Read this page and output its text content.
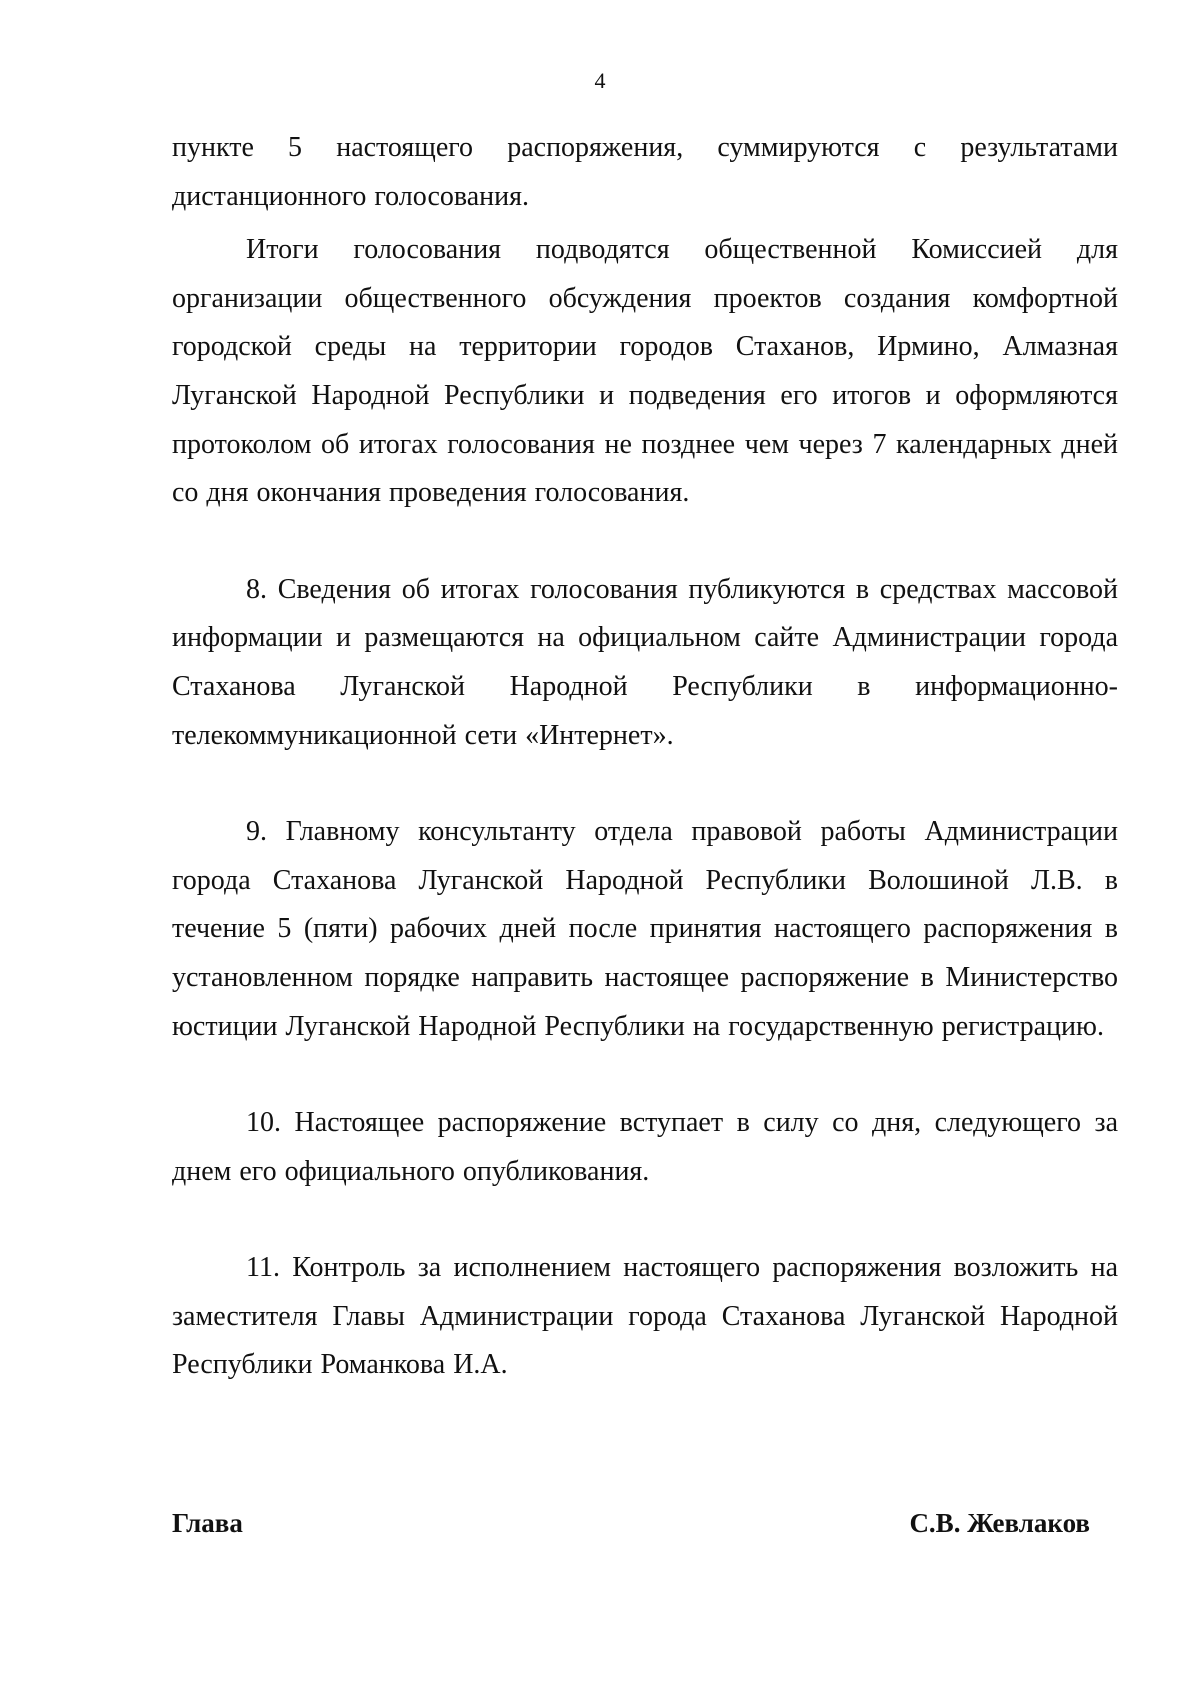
4

пункте 5 настоящего распоряжения, суммируются с результатами дистанционного голосования.

Итоги голосования подводятся общественной Комиссией для организации общественного обсуждения проектов создания комфортной городской среды на территории городов Стаханов, Ирмино, Алмазная Луганской Народной Республики и подведения его итогов и оформляются протоколом об итогах голосования не позднее чем через 7 календарных дней со дня окончания проведения голосования.

8. Сведения об итогах голосования публикуются в средствах массовой информации и размещаются на официальном сайте Администрации города Стаханова Луганской Народной Республики в информационно-телекоммуникационной сети «Интернет».

9. Главному консультанту отдела правовой работы Администрации города Стаханова Луганской Народной Республики Волошиной Л.В. в течение 5 (пяти) рабочих дней после принятия настоящего распоряжения в установленном порядке направить настоящее распоряжение в Министерство юстиции Луганской Народной Республики на государственную регистрацию.

10. Настоящее распоряжение вступает в силу со дня, следующего за днем его официального опубликования.

11. Контроль за исполнением настоящего распоряжения возложить на заместителя Главы Администрации города Стаханова Луганской Народной Республики Романкова И.А.

Глава	С.В. Жевлаков
